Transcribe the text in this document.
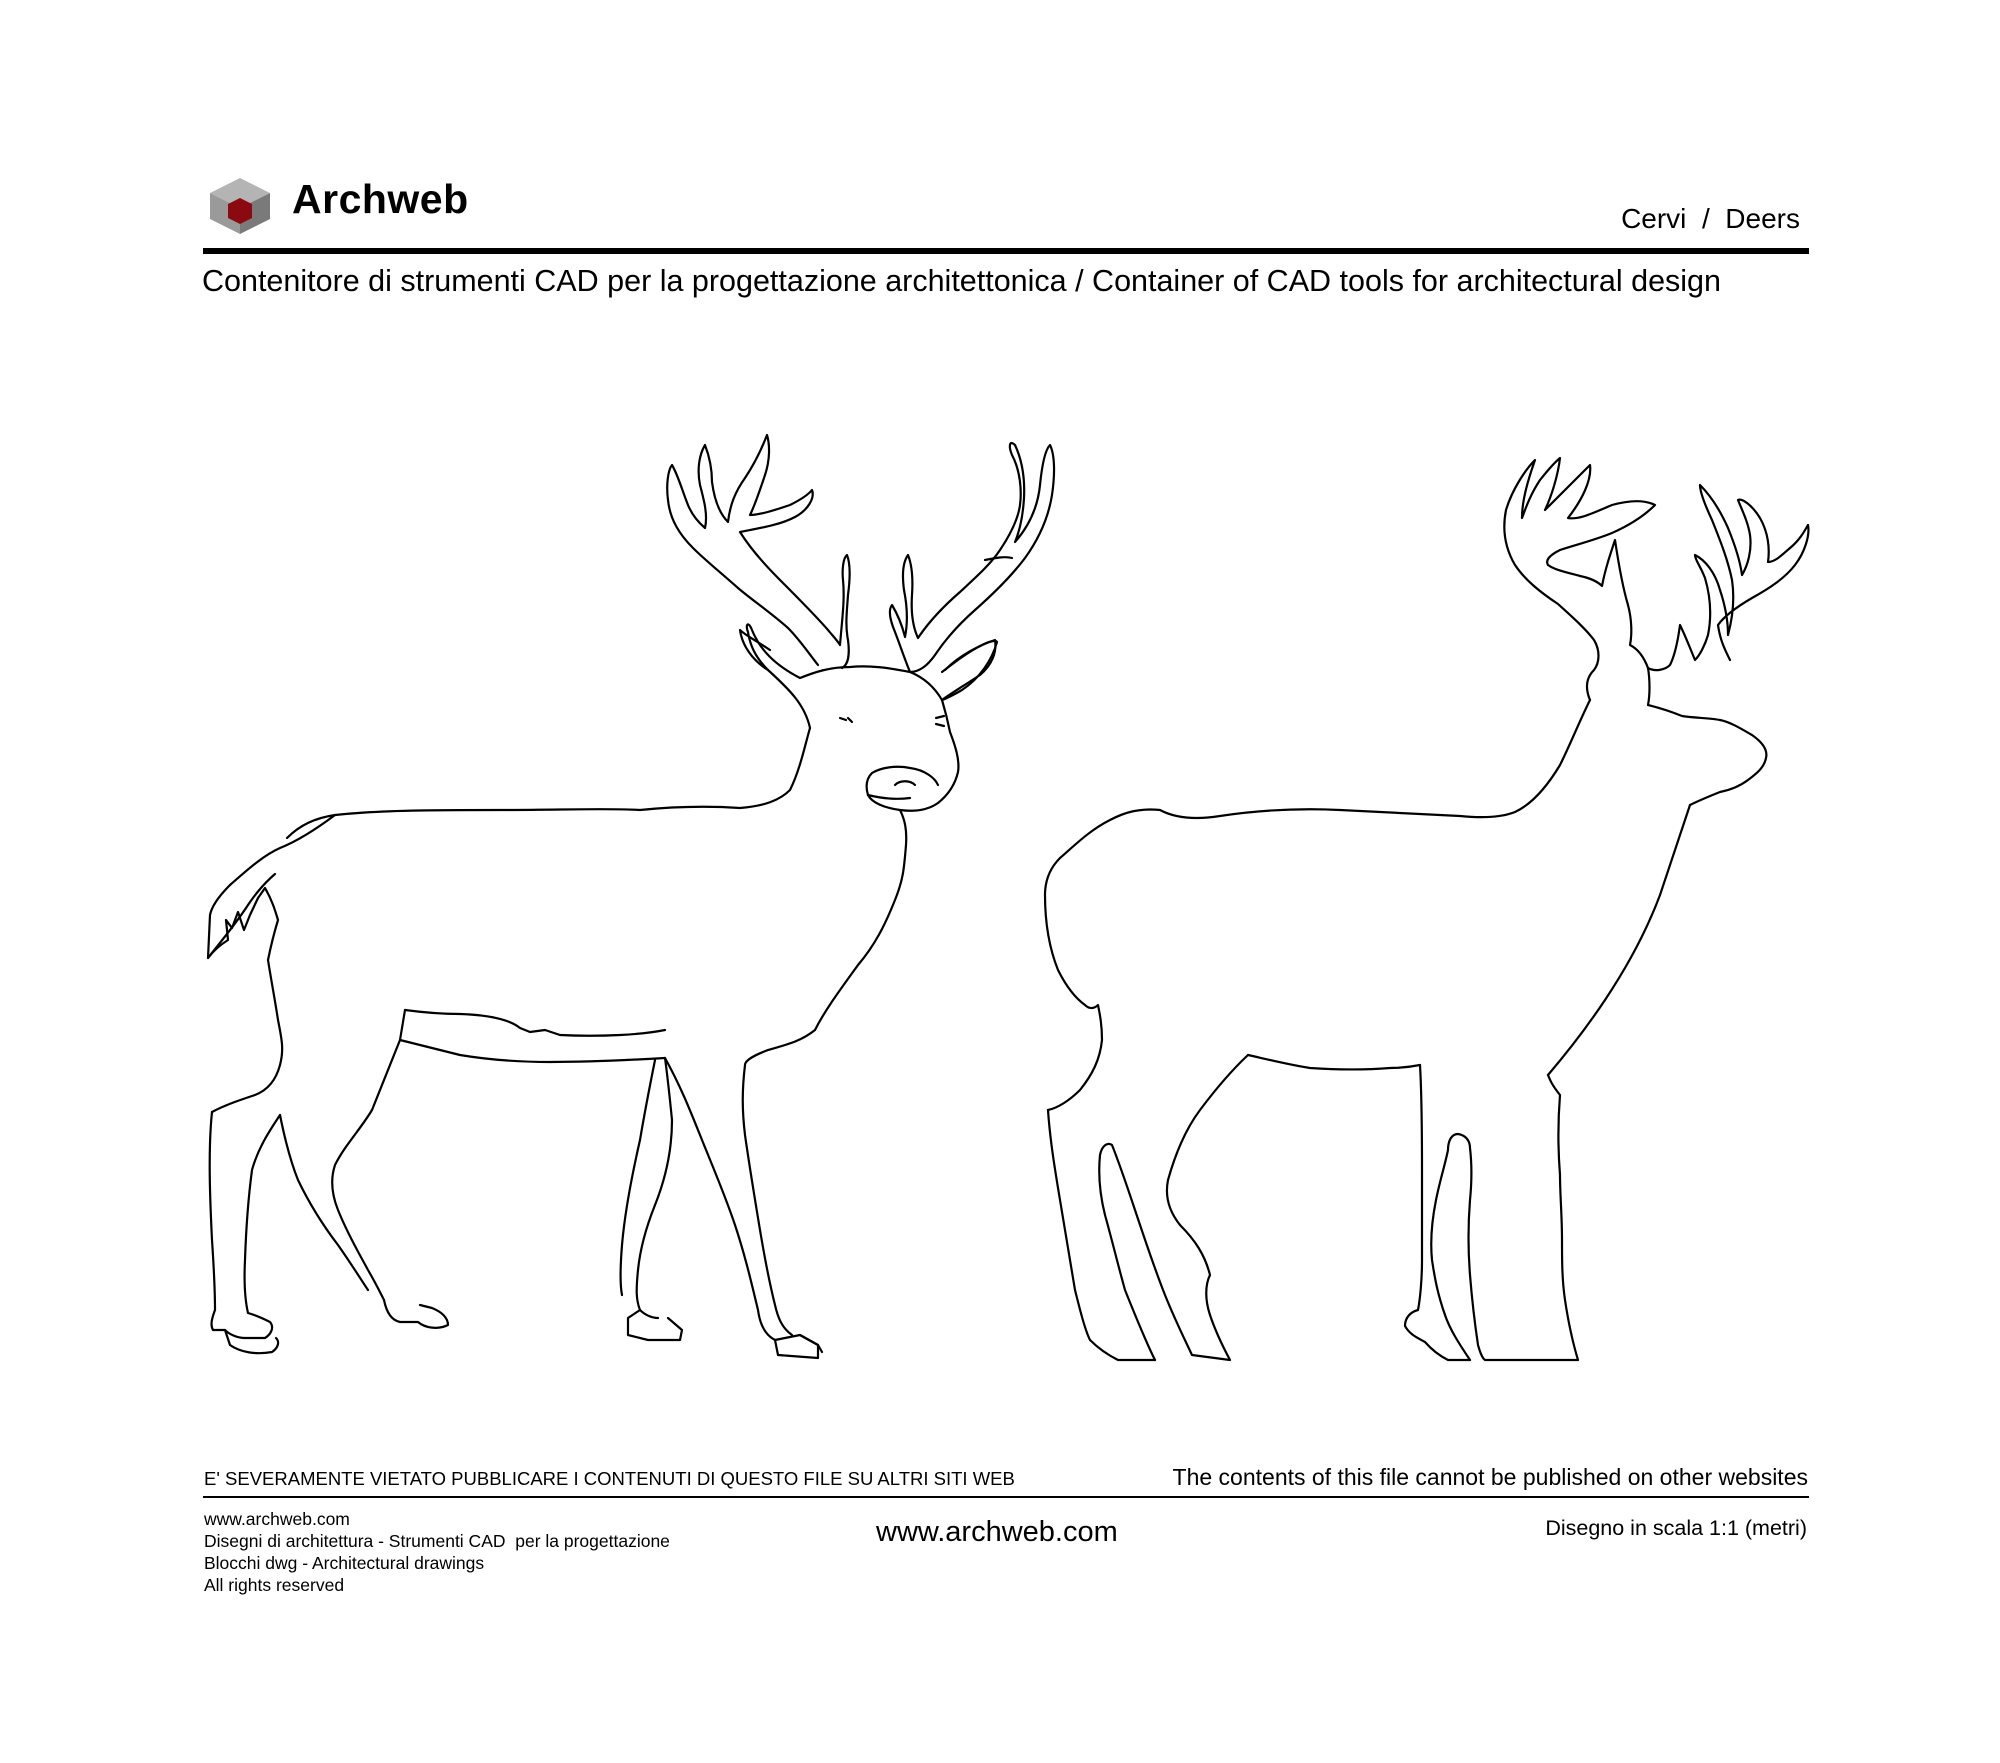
Archweb	Cervi  /  Deers
Contenitore di strumenti CAD per la progettazione architettonica / Container of CAD tools for architectural design
E' SEVERAMENTE VIETATO PUBBLICARE I CONTENUTI DI QUESTO FILE SU ALTRI SITI WEB	The contents of this file cannot be published on other websites
www.archweb.com
Disegni di architettura - Strumenti CAD  per la progettazione
Blocchi dwg - Architectural drawings
All rights reserved
www.archweb.com	Disegno in scala 1:1 (metri)
